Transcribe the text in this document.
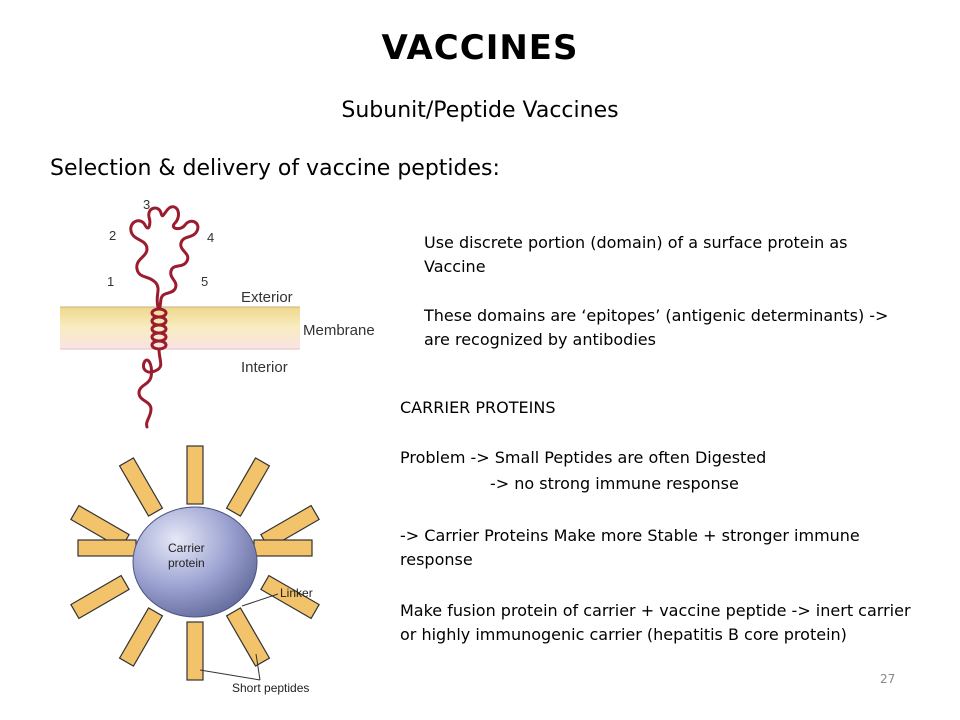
VACCINES
Subunit/Peptide Vaccines
Selection & delivery of vaccine peptides:
3
2	4
1	5
Exterior
Membrane
Interior
Carrier
protein
Linker
Short peptides
Use discrete portion (domain) of a surface protein as Vaccine
These domains are ‘epitopes’ (antigenic determinants) -> are recognized by antibodies
CARRIER PROTEINS
Problem -> Small Peptides are often Digested
-> no strong immune response
-> Carrier Proteins Make more Stable + stronger immune response
Make fusion protein of carrier + vaccine peptide -> inert carrier or highly immunogenic carrier (hepatitis B core protein)
27
